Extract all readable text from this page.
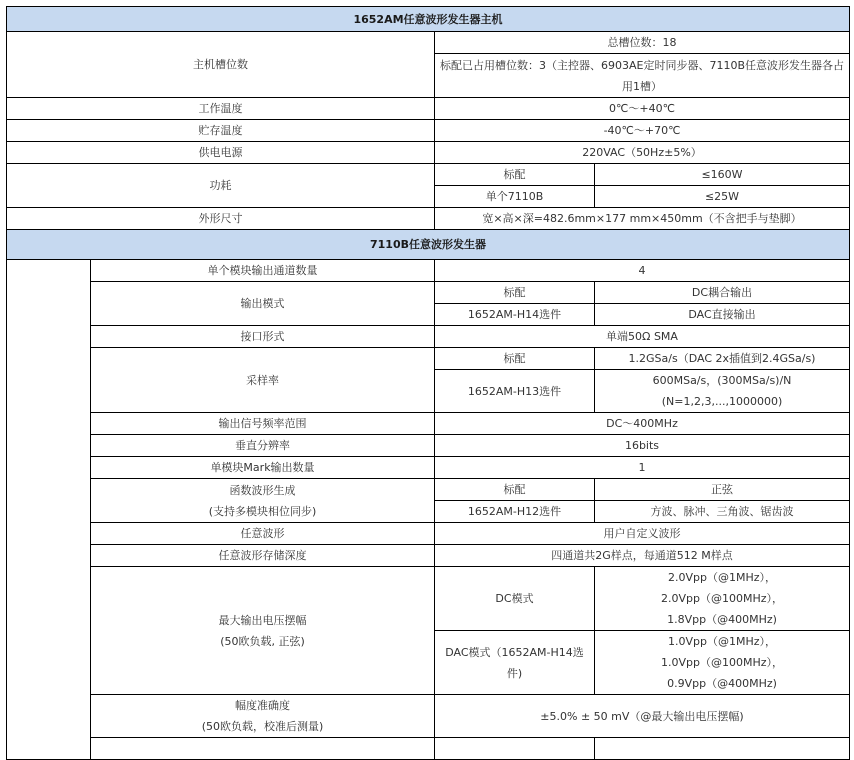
1652AM任意波形发生器主机			
主机槽位数		总槽位数：18	
		标配已占用槽位数：3（主控器、6903AE定时同步器、7110B任意波形发生器各占用1槽）	
工作温度		0℃～+40℃	
贮存温度		-40℃～+70℃	
供电电源		220VAC（50Hz±5%）	
功耗		标配	≤160W
		单个7110B	≤25W
外形尺寸		宽×高×深=482.6mm×177 mm×450mm（不含把手与垫脚）	
7110B任意波形发生器			
	单个模块输出通道数量	4	
	输出模式	标配	DC耦合输出
		1652AM-H14选件	DAC直接输出
	接口形式	单端50Ω SMA	
	采样率	标配	1.2GSa/s（DAC 2x插值到2.4GSa/s)
		1652AM-H13选件	600MSa/s，(300MSa/s)/N
(N=1,2,3,...,1000000)

	输出信号频率范围	DC～400MHz	
	垂直分辨率	16bits	
	单模块Mark输出数量	1	

	函数波形生成
(支持多模块相位同步)	标配	正弦
		1652AM-H12选件	方波、脉冲、三角波、锯齿波
	任意波形	用户自定义波形	
	任意波形存储深度	四通道共2G样点，每通道512 M样点	

	最大输出电压摆幅
(50欧负载, 正弦)	DC模式	2.0Vpp（@1MHz），
2.0Vpp（@100MHz），
1.8Vpp（@400MHz)

		DAC模式（1652AM-H14选件)	1.0Vpp（@1MHz），
1.0Vpp（@100MHz），
0.9Vpp（@400MHz)

	幅度准确度
(50欧负载，校准后测量)	±5.0% ± 50 mV（@最大输出电压摆幅)	
